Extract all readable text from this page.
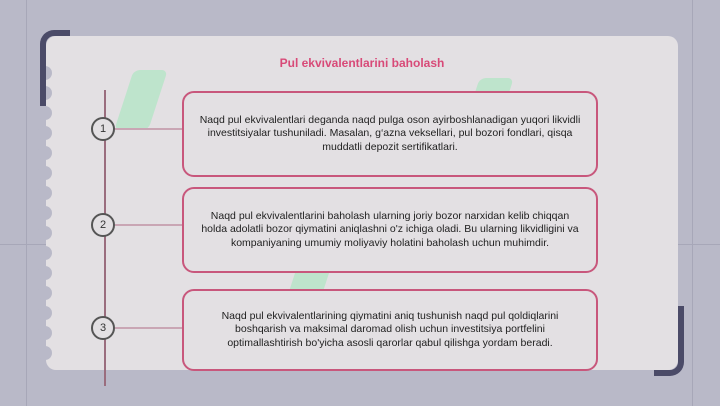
Pul ekvivalentlarini baholash
1
2
3
Naqd pul ekvivalentlari deganda naqd pulga oson ayirboshlanadigan yuqori likvidli investitsiyalar tushuniladi. Masalan, g‘azna veksellari, pul bozori fondlari, qisqa muddatli depozit sertifikatlari.
Naqd pul ekvivalentlarini baholash ularning joriy bozor narxidan kelib chiqqan holda adolatli bozor qiymatini aniqlashni o'z ichiga oladi. Bu ularning likvidligini va kompaniyaning umumiy moliyaviy holatini baholash uchun muhimdir.
Naqd pul ekvivalentlarining qiymatini aniq tushunish naqd pul qoldiqlarini boshqarish va maksimal daromad olish uchun investitsiya portfelini optimallashtirish bo'yicha asosli qarorlar qabul qilishga yordam beradi.
